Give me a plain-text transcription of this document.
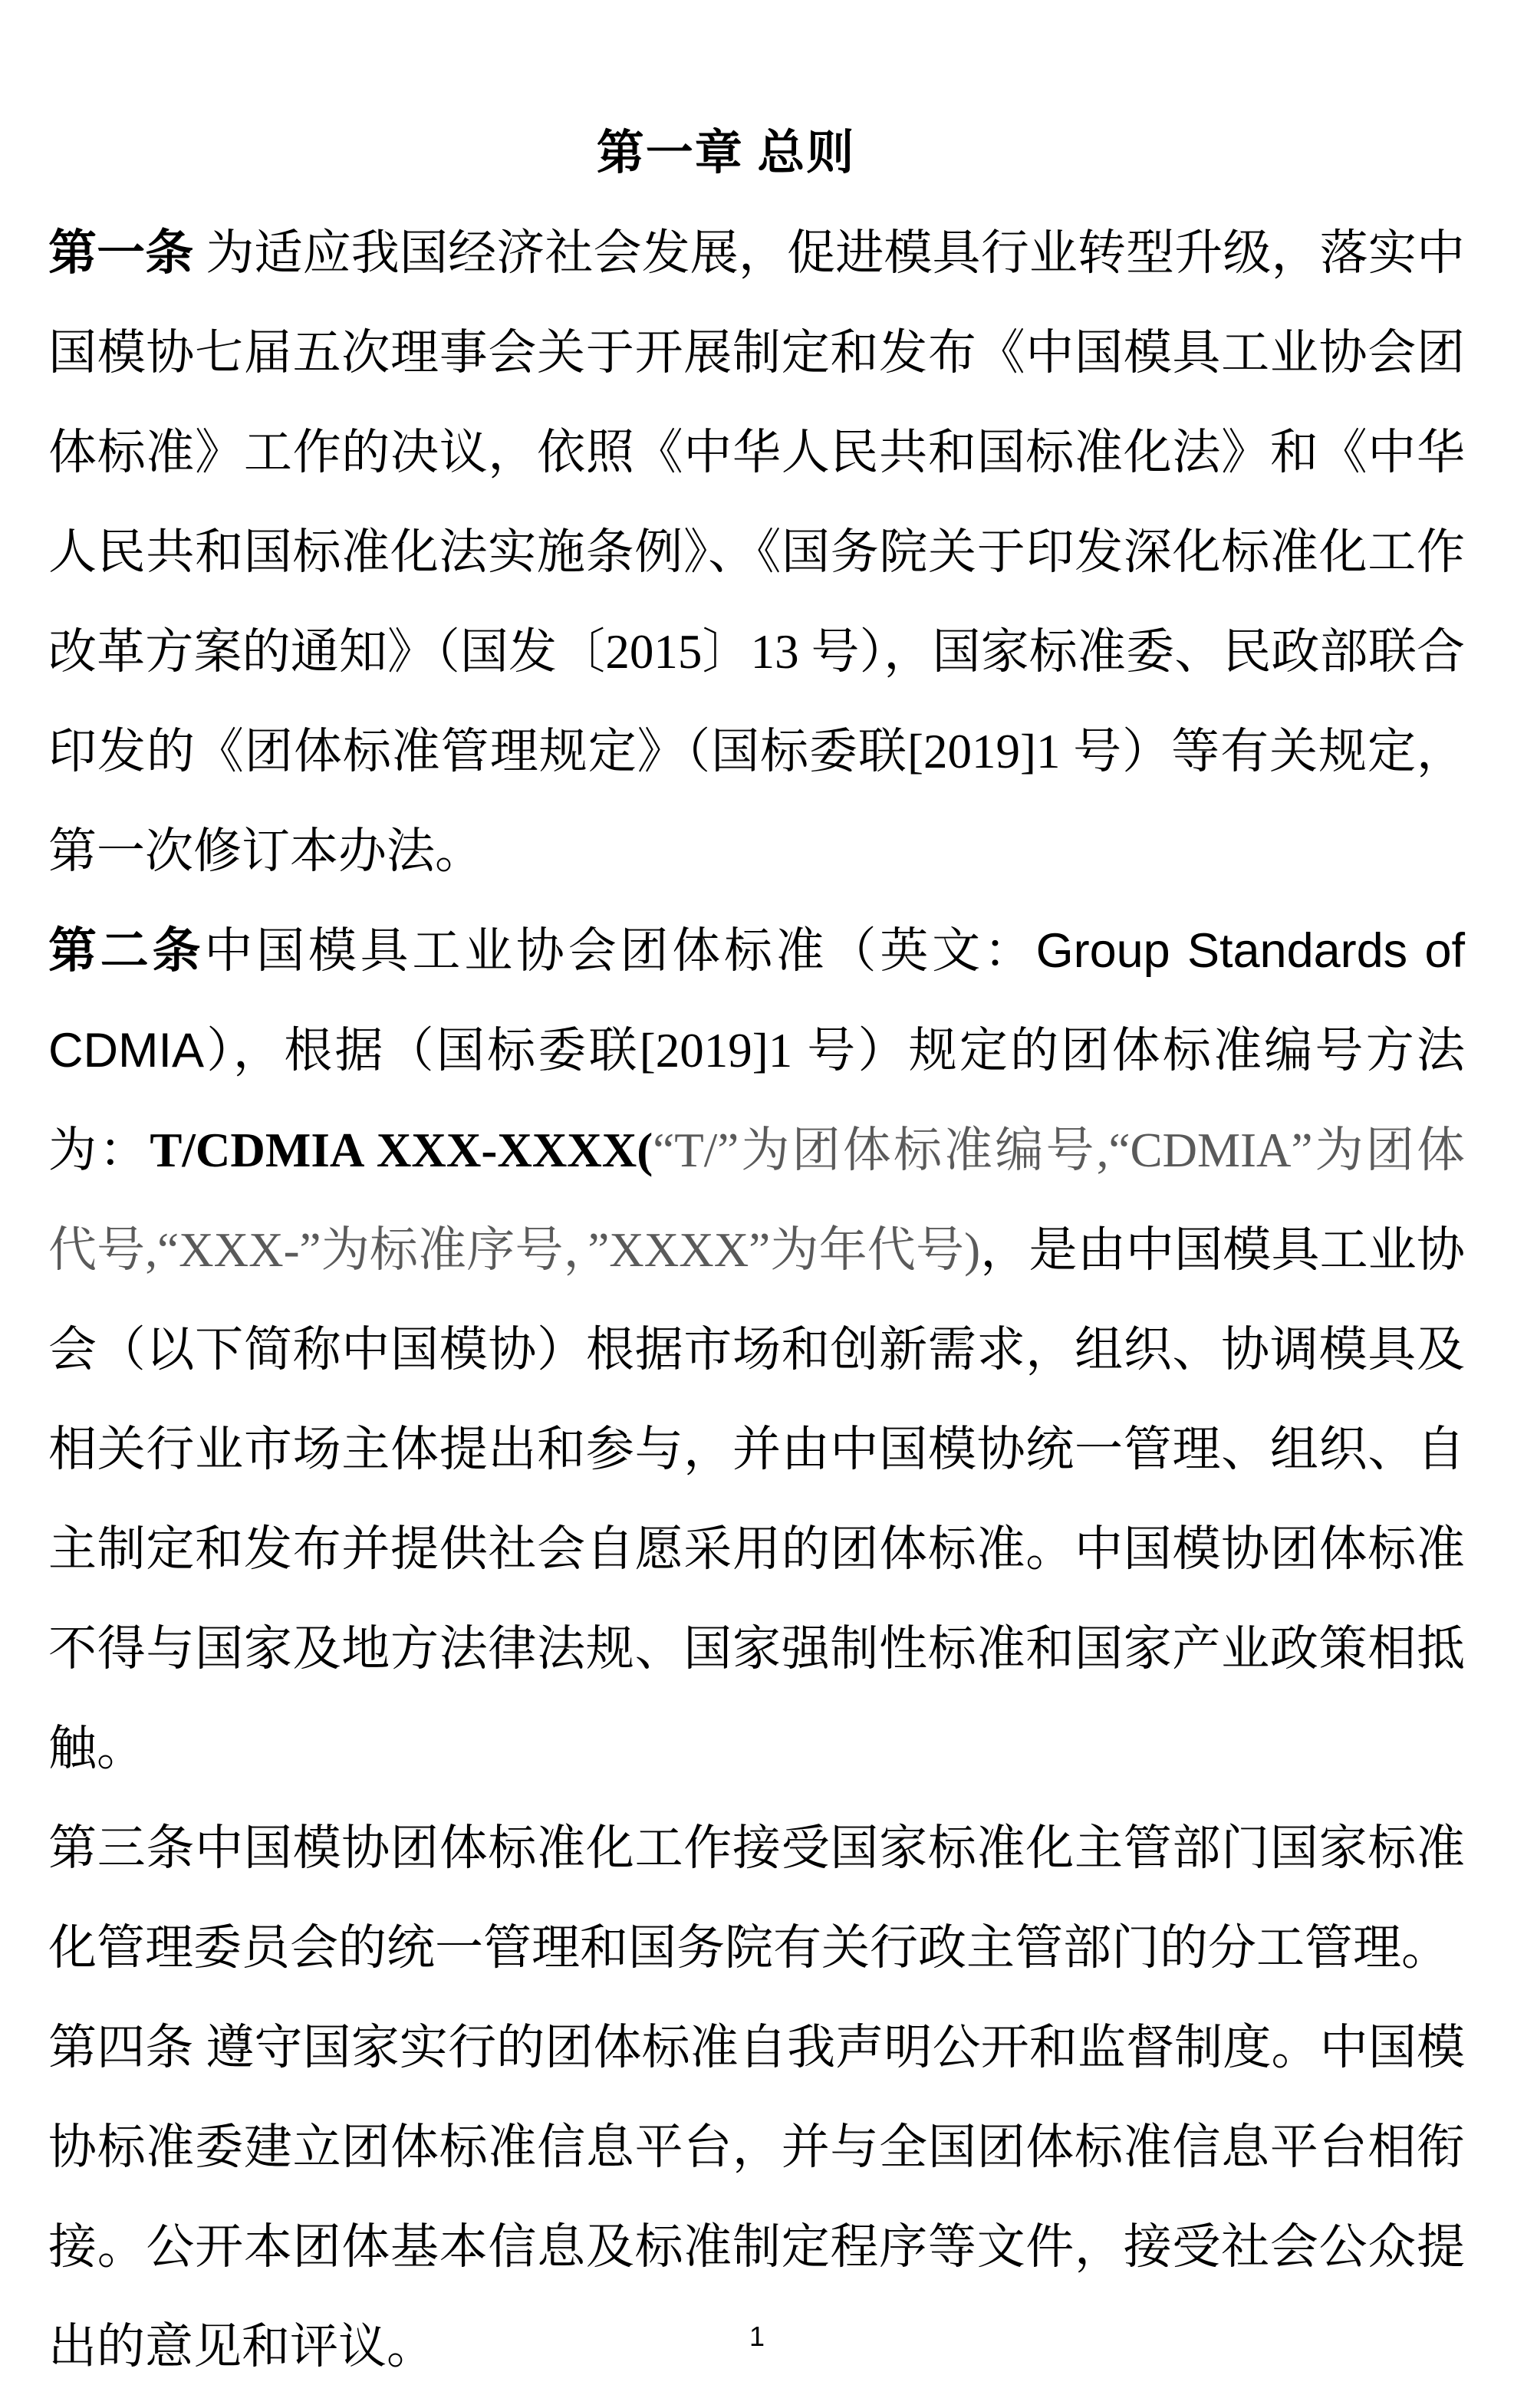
第一章 总则

第一条 为适应我国经济社会发展，促进模具行业转型升级，落实中国模协七届五次理事会关于开展制定和发布《中国模具工业协会团体标准》工作的决议，依照《中华人民共和国标准化法》和《中华人民共和国标准化法实施条例》、《国务院关于印发深化标准化工作改革方案的通知》（国发〔2015〕13 号），国家标准委、民政部联合印发的《团体标准管理规定》（国标委联[2019]1 号）等有关规定，第一次修订本办法。

第二条中国模具工业协会团体标准（英文：Group Standards of CDMIA），根据（国标委联[2019]1 号）规定的团体标准编号方法为：T/CDMIA XXX-XXXX(“T/”为团体标准编号,“CDMIA”为团体代号,“XXX-”为标准序号，”XXXX”为年代号)，是由中国模具工业协会（以下简称中国模协）根据市场和创新需求，组织、协调模具及相关行业市场主体提出和参与，并由中国模协统一管理、组织、自主制定和发布并提供社会自愿采用的团体标准。中国模协团体标准不得与国家及地方法律法规、国家强制性标准和国家产业政策相抵触。

第三条中国模协团体标准化工作接受国家标准化主管部门国家标准化管理委员会的统一管理和国务院有关行政主管部门的分工管理。

第四条 遵守国家实行的团体标准自我声明公开和监督制度。中国模协标准委建立团体标准信息平台，并与全国团体标准信息平台相衔接。公开本团体基本信息及标准制定程序等文件，接受社会公众提出的意见和评议。	1
